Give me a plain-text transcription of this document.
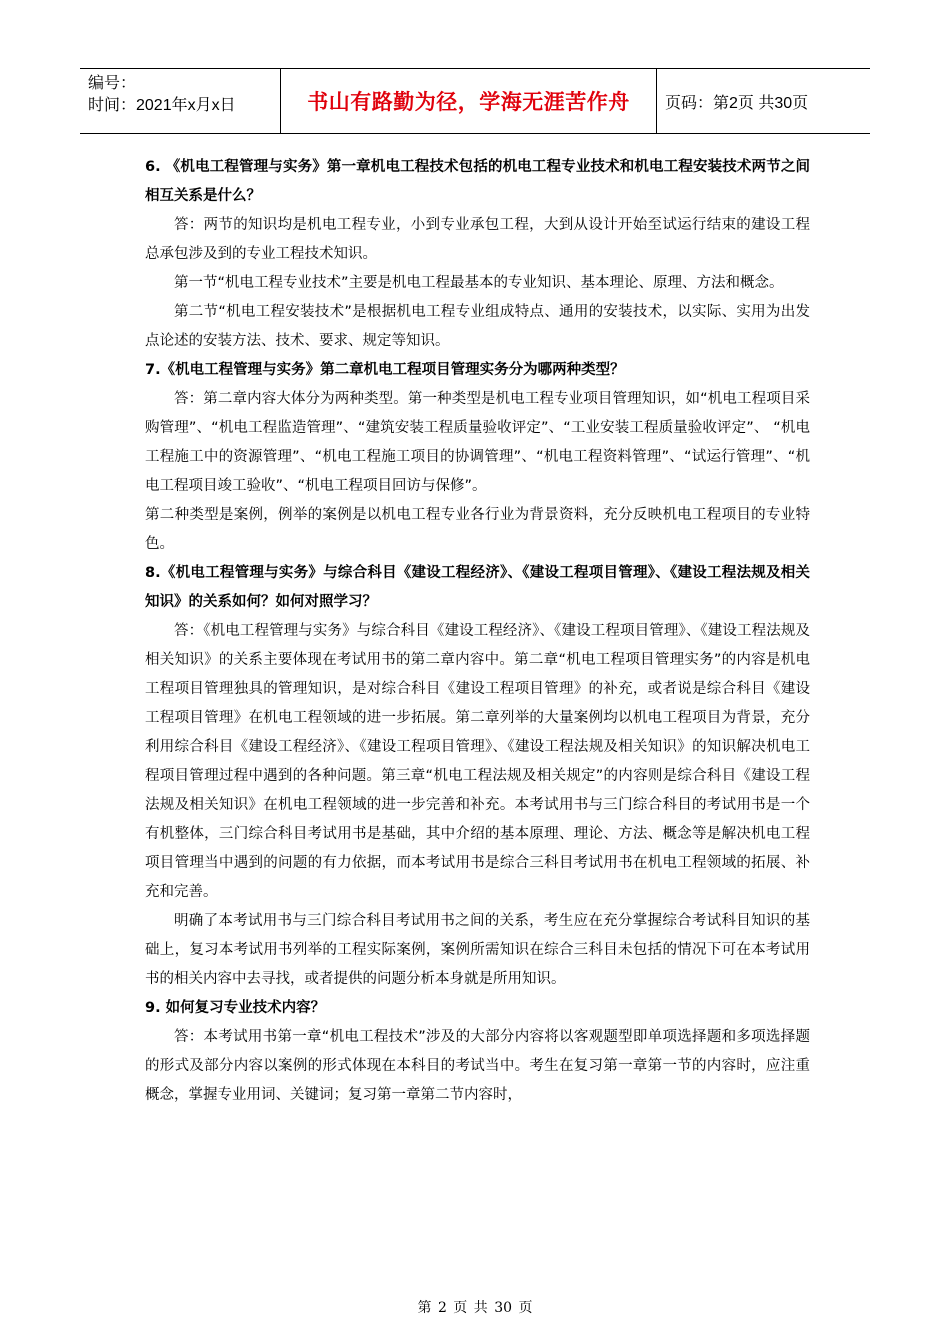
编号：
时间：2021年x月x日	书山有路勤为径，学海无涯苦作舟	页码：第2页 共30页

6. 《机电工程管理与实务》第一章机电工程技术包括的机电工程专业技术和机电工程安装技术两节之间相互关系是什么？

答：两节的知识均是机电工程专业，小到专业承包工程，大到从设计开始至试运行结束的建设工程总承包涉及到的专业工程技术知识。

第一节“机电工程专业技术”主要是机电工程最基本的专业知识、基本理论、原理、方法和概念。

第二节“机电工程安装技术”是根据机电工程专业组成特点、通用的安装技术，以实际、实用为出发点论述的安装方法、技术、要求、规定等知识。

7.《机电工程管理与实务》第二章机电工程项目管理实务分为哪两种类型？

答：第二章内容大体分为两种类型。第一种类型是机电工程专业项目管理知识，如“机电工程项目采购管理”、“机电工程监造管理”、“建筑安装工程质量验收评定”、“工业安装工程质量验收评定”、 “机电工程施工中的资源管理”、“机电工程施工项目的协调管理”、“机电工程资料管理”、“试运行管理”、“机电工程项目竣工验收”、“机电工程项目回访与保修”。

第二种类型是案例，例举的案例是以机电工程专业各行业为背景资料，充分反映机电工程项目的专业特色。

8.《机电工程管理与实务》与综合科目《建设工程经济》、《建设工程项目管理》、《建设工程法规及相关知识》的关系如何？如何对照学习？

答：《机电工程管理与实务》与综合科目《建设工程经济》、《建设工程项目管理》、《建设工程法规及相关知识》的关系主要体现在考试用书的第二章内容中。第二章“机电工程项目管理实务”的内容是机电工程项目管理独具的管理知识，是对综合科目《建设工程项目管理》的补充，或者说是综合科目《建设工程项目管理》在机电工程领域的进一步拓展。第二章列举的大量案例均以机电工程项目为背景，充分利用综合科目《建设工程经济》、《建设工程项目管理》、《建设工程法规及相关知识》的知识解决机电工程项目管理过程中遇到的各种问题。第三章“机电工程法规及相关规定”的内容则是综合科目《建设工程法规及相关知识》在机电工程领域的进一步完善和补充。本考试用书与三门综合科目的考试用书是一个有机整体，三门综合科目考试用书是基础，其中介绍的基本原理、理论、方法、概念等是解决机电工程项目管理当中遇到的问题的有力依据，而本考试用书是综合三科目考试用书在机电工程领域的拓展、补充和完善。

明确了本考试用书与三门综合科目考试用书之间的关系，考生应在充分掌握综合考试科目知识的基础上，复习本考试用书列举的工程实际案例，案例所需知识在综合三科目未包括的情况下可在本考试用书的相关内容中去寻找，或者提供的问题分析本身就是所用知识。

9. 如何复习专业技术内容？

答：本考试用书第一章“机电工程技术”涉及的大部分内容将以客观题型即单项选择题和多项选择题的形式及部分内容以案例的形式体现在本科目的考试当中。考生在复习第一章第一节的内容时，应注重概念，掌握专业用词、关键词；复习第一章第二节内容时，

第 2 页 共 30 页
